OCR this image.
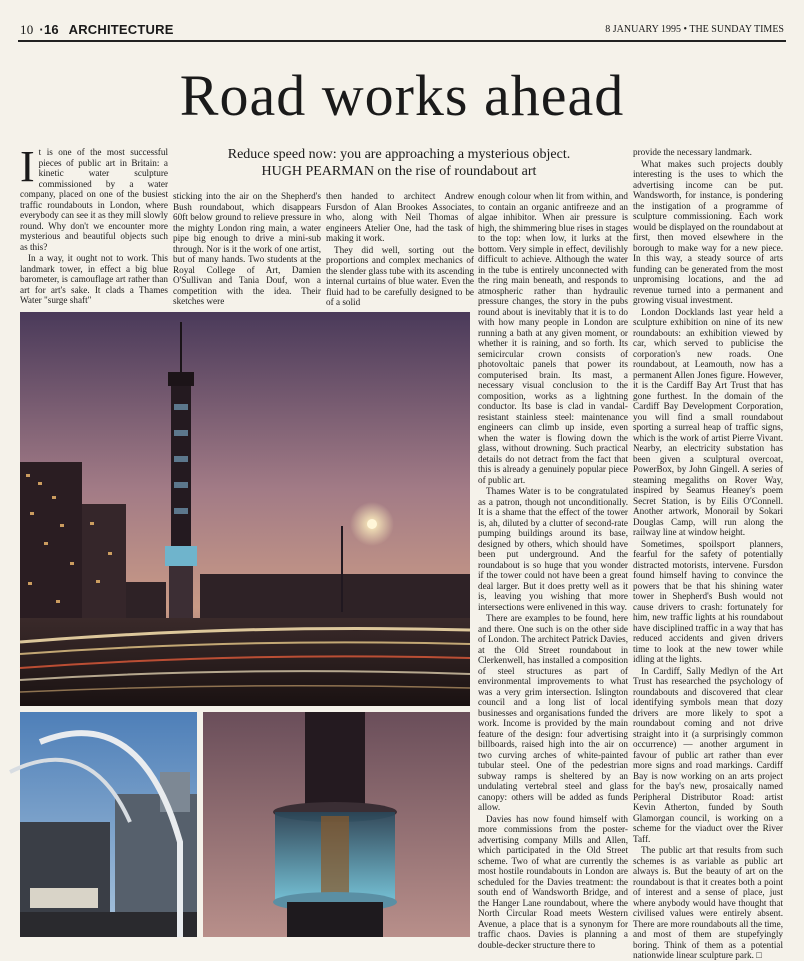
10 ·16 ARCHITECTURE	8 JANUARY 1995 • THE SUNDAY TIMES
Road works ahead
Reduce speed now: you are approaching a mysterious object.
HUGH PEARMAN on the rise of roundabout art

It is one of the most successful pieces of public art in Britain: a kinetic water sculpture commissioned by a water company, placed on one of the busiest traffic roundabouts in London, where everybody can see it as they mill slowly round. Why don't we encounter more mysterious and beautiful objects such as this?

In a way, it ought not to work. This landmark tower, in effect a big blue barometer, is camouflage art rather than art for art's sake. It clads a Thames Water "surge shaft"

sticking into the air on the Shepherd's Bush roundabout, which disappears 60ft below ground to relieve pressure in the mighty London ring main, a water pipe big enough to drive a mini-sub through. Nor is it the work of one artist, but of many hands. Two students at the Royal College of Art, Damien O'Sullivan and Tania Douf, won a competition with the idea. Their sketches were

then handed to architect Andrew Fursdon of Alan Brookes Associates, who, along with Neil Thomas of engineers Atelier One, had the task of making it work.

They did well, sorting out the proportions and complex mechanics of the slender glass tube with its ascending internal curtains of blue water. Even the fluid had to be carefully designed to be of a solid

enough colour when lit from within, and to contain an organic antifreeze and an algae inhibitor. When air pressure is high, the shimmering blue rises in stages to the top: when low, it lurks at the bottom. Very simple in effect, devilishly difficult to achieve. Although the water in the tube is entirely unconnected with the ring main beneath, and responds to atmospheric rather than hydraulic pressure changes, the story in the pubs round about is inevitably that it is to do with how many people in London are running a bath at any given moment, or whether it is raining, and so forth. Its semicircular crown consists of photovoltaic panels that power its computerised brain. Its mast, a necessary visual conclusion to the composition, works as a lightning conductor. Its base is clad in vandal-resistant stainless steel: maintenance engineers can climb up inside, even when the water is flowing down the glass, without drowning. Such practical details do not detract from the fact that this is already a genuinely popular piece of public art.

Thames Water is to be congratulated as a patron, though not unconditionally. It is a shame that the effect of the tower is, ah, diluted by a clutter of second-rate pumping buildings around its base, designed by others, which should have been put underground. And the roundabout is so huge that you wonder if the tower could not have been a great deal larger. But it does pretty well as it is, leaving you wishing that more intersections were enlivened in this way.

There are examples to be found, here and there. One such is on the other side of London. The architect Patrick Davies, at the Old Street roundabout in Clerkenwell, has installed a composition of steel structures as part of environmental improvements to what was a very grim intersection. Islington council and a long list of local businesses and organisations funded the work. Income is provided by the main feature of the design: four advertising billboards, raised high into the air on two curving arches of white-painted tubular steel. One of the pedestrian subway ramps is sheltered by an undulating vertebral steel and glass canopy: others will be added as funds allow.

Davies has now found himself with more commissions from the poster-advertising company Mills and Allen, which participated in the Old Street scheme. Two of what are currently the most hostile roundabouts in London are scheduled for the Davies treatment: the south end of Wandsworth Bridge, and the Hanger Lane roundabout, where the North Circular Road meets Western Avenue, a place that is a synonym for traffic chaos. Davies is planning a double-decker structure there to

provide the necessary landmark.

What makes such projects doubly interesting is the uses to which the advertising income can be put. Wandsworth, for instance, is pondering the instigation of a programme of sculpture commissioning. Each work would be displayed on the roundabout at first, then moved elsewhere in the borough to make way for a new piece. In this way, a steady source of arts funding can be generated from the most unpromising locations, and the ad revenue turned into a permanent and growing visual investment.

London Docklands last year held a sculpture exhibition on nine of its new roundabouts: an exhibition viewed by car, which served to publicise the corporation's new roads. One roundabout, at Leamouth, now has a permanent Allen Jones figure. However, it is the Cardiff Bay Art Trust that has gone furthest. In the domain of the Cardiff Bay Development Corporation, you will find a small roundabout sporting a surreal heap of traffic signs, which is the work of artist Pierre Vivant. Nearby, an electricity substation has been given a sculptural overcoat, PowerBox, by John Gingell. A series of steaming megaliths on Rover Way, inspired by Seamus Heaney's poem Secret Station, is by Eilis O'Connell. Another artwork, Monorail by Sokari Douglas Camp, will run along the railway line at window height.

Sometimes, spoilsport planners, fearful for the safety of potentially distracted motorists, intervene. Fursdon found himself having to convince the powers that be that his shining water tower in Shepherd's Bush would not cause drivers to crash: fortunately for him, new traffic lights at his roundabout have disciplined traffic in a way that has reduced accidents and given drivers time to look at the new tower while idling at the lights.

In Cardiff, Sally Medlyn of the Art Trust has researched the psychology of roundabouts and discovered that clear identifying symbols mean that dozy drivers are more likely to spot a roundabout coming and not drive straight into it (a surprisingly common occurrence) — another argument in favour of public art rather than ever more signs and road markings. Cardiff Bay is now working on an arts project for the bay's new, prosaically named Peripheral Distributor Road: artist Kevin Atherton, funded by South Glamorgan council, is working on a scheme for the viaduct over the River Taff.

The public art that results from such schemes is as variable as public art always is. But the beauty of art on the roundabout is that it creates both a point of interest and a sense of place, just where anybody would have thought that civilised values were entirely absent. There are more roundabouts all the time, and most of them are stupefyingly boring. Think of them as a potential nationwide linear sculpture park. □
